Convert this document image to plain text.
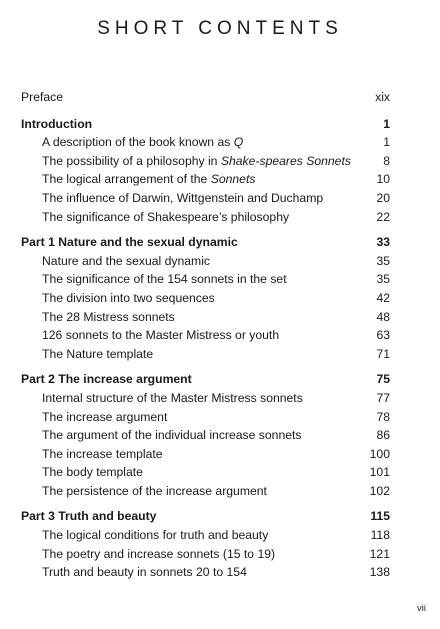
SHORT CONTENTS
Preface	xix
Introduction	1
A description of the book known as Q	1
The possibility of a philosophy in Shake-speares Sonnets	8
The logical arrangement of the Sonnets	10
The influence of Darwin, Wittgenstein and Duchamp	20
The significance of Shakespeare’s philosophy	22
Part 1 Nature and the sexual dynamic	33
Nature and the sexual dynamic	35
The significance of the 154 sonnets in the set	35
The division into two sequences	42
The 28 Mistress sonnets	48
126 sonnets to the Master Mistress or youth	63
The Nature template	71
Part 2 The increase argument	75
Internal structure of the Master Mistress sonnets	77
The increase argument	78
The argument of the individual increase sonnets	86
The increase template	100
The body template	101
The persistence of the increase argument	102
Part 3 Truth and beauty	115
The logical conditions for truth and beauty	118
The poetry and increase sonnets (15 to 19)	121
Truth and beauty in sonnets 20 to 154	138
vii
